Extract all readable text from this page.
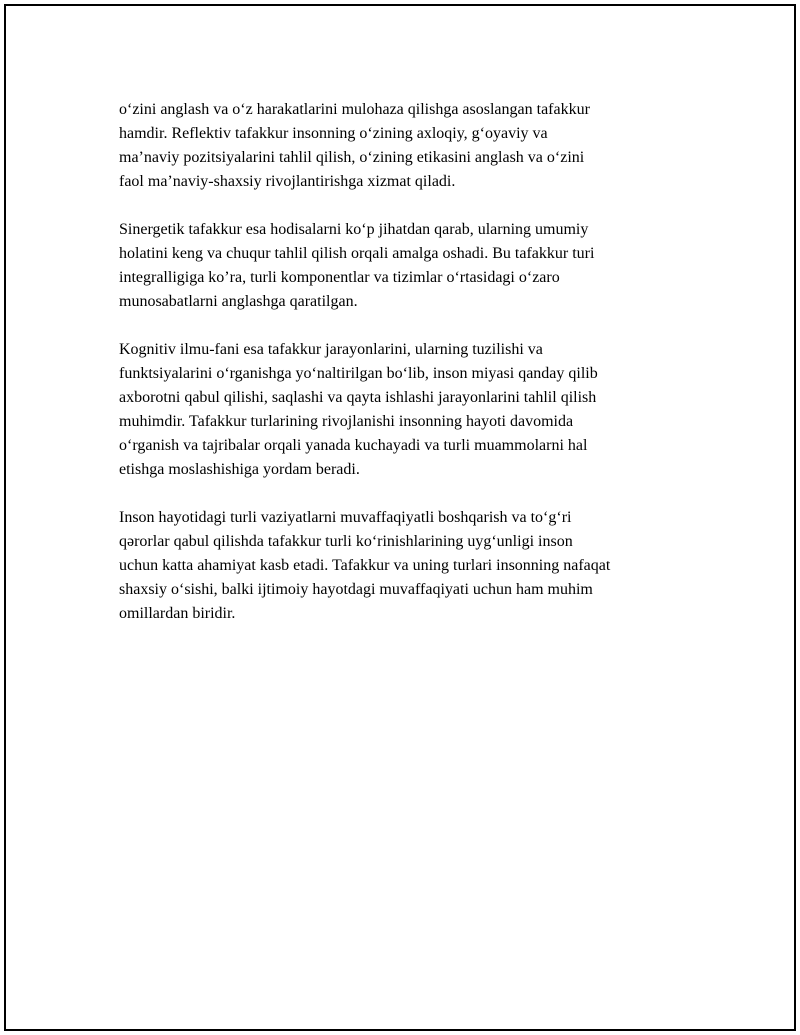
o‘zini anglash va o‘z harakatlarini mulohaza qilishga asoslangan tafakkur
hamdir. Reflektiv tafakkur insonning o‘zining axloqiy, g‘oyaviy va
ma’naviy pozitsiyalarini tahlil qilish, o‘zining etikasini anglash va o‘zini
faol ma’naviy-shaxsiy rivojlantirishga xizmat qiladi.

Sinergetik tafakkur esa hodisalarni ko‘p jihatdan qarab, ularning umumiy
holatini keng va chuqur tahlil qilish orqali amalga oshadi. Bu tafakkur turi
integralligiga ko’ra, turli komponentlar va tizimlar o‘rtasidagi o‘zaro
munosabatlarni anglashga qaratilgan.

Kognitiv ilmu-fani esa tafakkur jarayonlarini, ularning tuzilishi va
funktsiyalarini o‘rganishga yo‘naltirilgan bo‘lib, inson miyasi qanday qilib
axborotni qabul qilishi, saqlashi va qayta ishlashi jarayonlarini tahlil qilish
muhimdir. Tafakkur turlarining rivojlanishi insonning hayoti davomida
o‘rganish va tajribalar orqali yanada kuchayadi va turli muammolarni hal
etishga moslashishiga yordam beradi.

Inson hayotidagi turli vaziyatlarni muvaffaqiyatli boshqarish va to‘g‘ri
qərorlar qabul qilishda tafakkur turli ko‘rinishlarining uyg‘unligi inson
uchun katta ahamiyat kasb etadi. Tafakkur va uning turlari insonning nafaqat
shaxsiy o‘sishi, balki ijtimoiy hayotdagi muvaffaqiyati uchun ham muhim
omillardan biridir.
